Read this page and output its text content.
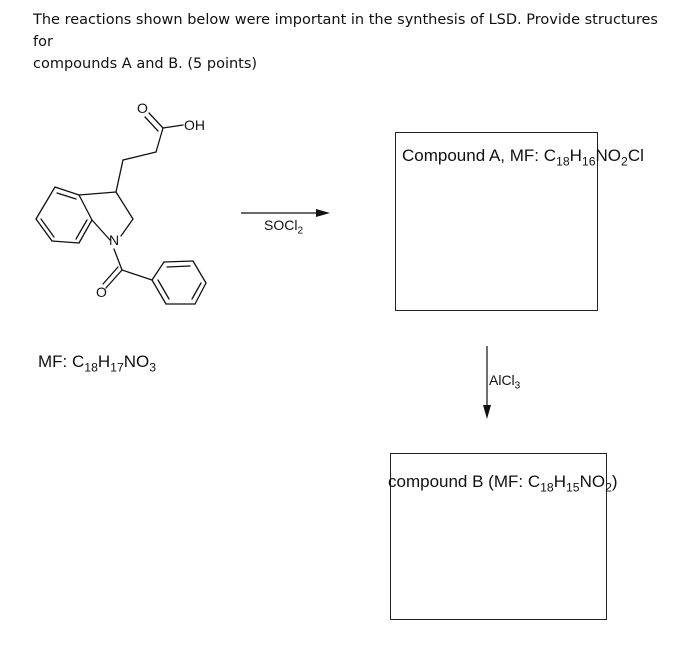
The reactions shown below were important in the synthesis of LSD. Provide structures for

compounds A and B. (5 points)

O
OH
N
O
MF: $C_{18}H_{17}NO_3$
SOCl$_2$
Compound A, MF: $C_{18}H_{16}NO_2Cl$
AlCl$_3$
compound B (MF: $C_{18}H_{15}NO_2$)
